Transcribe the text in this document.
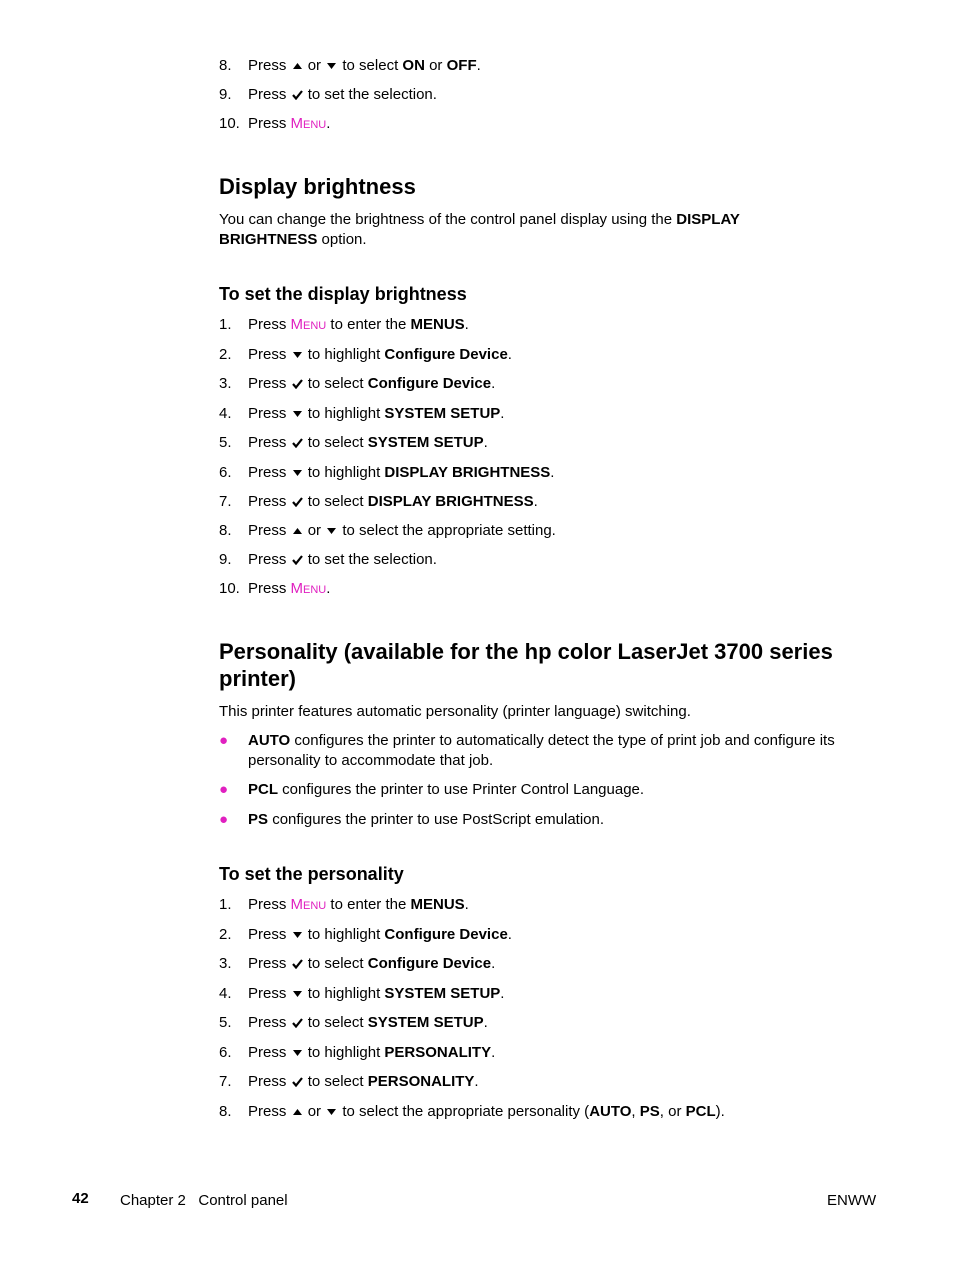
8. Press or to select ON or OFF.
9. Press to set the selection.
10. Press Menu.
Display brightness
You can change the brightness of the control panel display using the DISPLAY
BRIGHTNESS option.
To set the display brightness
1. Press Menu to enter the MENUS.
2. Press to highlight Configure Device.
3. Press to select Configure Device.
4. Press to highlight SYSTEM SETUP.
5. Press to select SYSTEM SETUP.
6. Press to highlight DISPLAY BRIGHTNESS.
7. Press to select DISPLAY BRIGHTNESS.
8. Press or to select the appropriate setting.
9. Press to set the selection.
10. Press Menu.
Personality (available for the hp color LaserJet 3700 series
printer)
This printer features automatic personality (printer language) switching.
●	AUTO configures the printer to automatically detect the type of print job and configure its personality to accommodate that job.
●	PCL configures the printer to use Printer Control Language.
●	PS configures the printer to use PostScript emulation.
To set the personality
1. Press Menu to enter the MENUS.
2. Press to highlight Configure Device.
3. Press to select Configure Device.
4. Press to highlight SYSTEM SETUP.
5. Press to select SYSTEM SETUP.
6. Press to highlight PERSONALITY.
7. Press to select PERSONALITY.
8. Press or to select the appropriate personality (AUTO, PS, or PCL).
42 Chapter 2   Control panel	ENWW
